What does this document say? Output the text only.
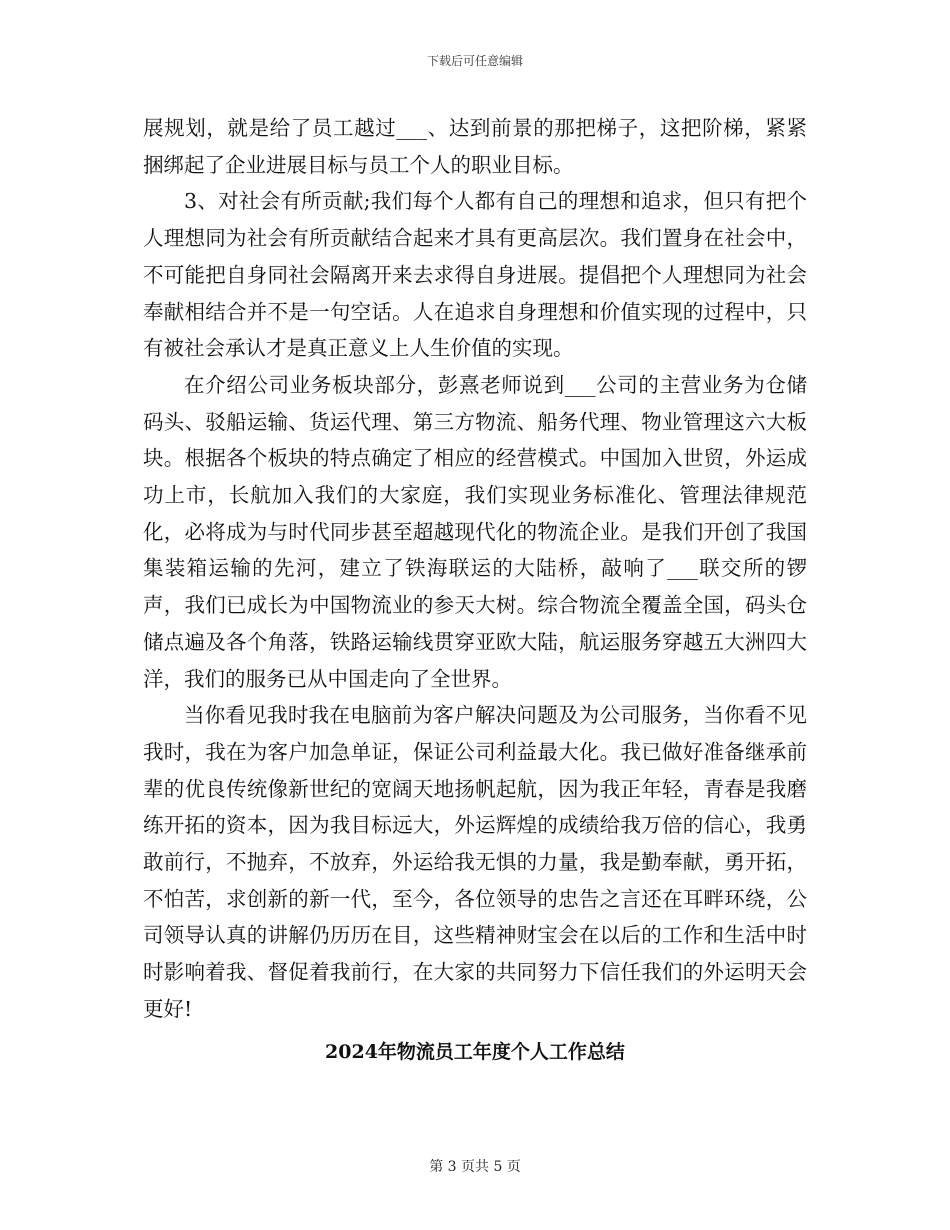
下载后可任意编辑

展规划，就是给了员工越过___、达到前景的那把梯子，这把阶梯，紧紧捆绑起了企业进展目标与员工个人的职业目标。

3、对社会有所贡献;我们每个人都有自己的理想和追求，但只有把个人理想同为社会有所贡献结合起来才具有更高层次。我们置身在社会中，不可能把自身同社会隔离开来去求得自身进展。提倡把个人理想同为社会奉献相结合并不是一句空话。人在追求自身理想和价值实现的过程中，只有被社会承认才是真正意义上人生价值的实现。

在介绍公司业务板块部分，彭熹老师说到___公司的主营业务为仓储码头、驳船运输、货运代理、第三方物流、船务代理、物业管理这六大板块。根据各个板块的特点确定了相应的经营模式。中国加入世贸，外运成功上市，长航加入我们的大家庭，我们实现业务标准化、管理法律规范化，必将成为与时代同步甚至超越现代化的物流企业。是我们开创了我国集装箱运输的先河，建立了铁海联运的大陆桥，敲响了___联交所的锣声，我们已成长为中国物流业的参天大树。综合物流全覆盖全国，码头仓储点遍及各个角落，铁路运输线贯穿亚欧大陆，航运服务穿越五大洲四大洋，我们的服务已从中国走向了全世界。

当你看见我时我在电脑前为客户解决问题及为公司服务，当你看不见我时，我在为客户加急单证，保证公司利益最大化。我已做好准备继承前辈的优良传统像新世纪的宽阔天地扬帆起航，因为我正年轻，青春是我磨练开拓的资本，因为我目标远大，外运辉煌的成绩给我万倍的信心，我勇敢前行，不抛弃，不放弃，外运给我无惧的力量，我是勤奉献，勇开拓，不怕苦，求创新的新一代，至今，各位领导的忠告之言还在耳畔环绕，公司领导认真的讲解仍历历在目，这些精神财宝会在以后的工作和生活中时时影响着我、督促着我前行，在大家的共同努力下信任我们的外运明天会更好!

2024年物流员工年度个人工作总结
第 3 页共 5 页
